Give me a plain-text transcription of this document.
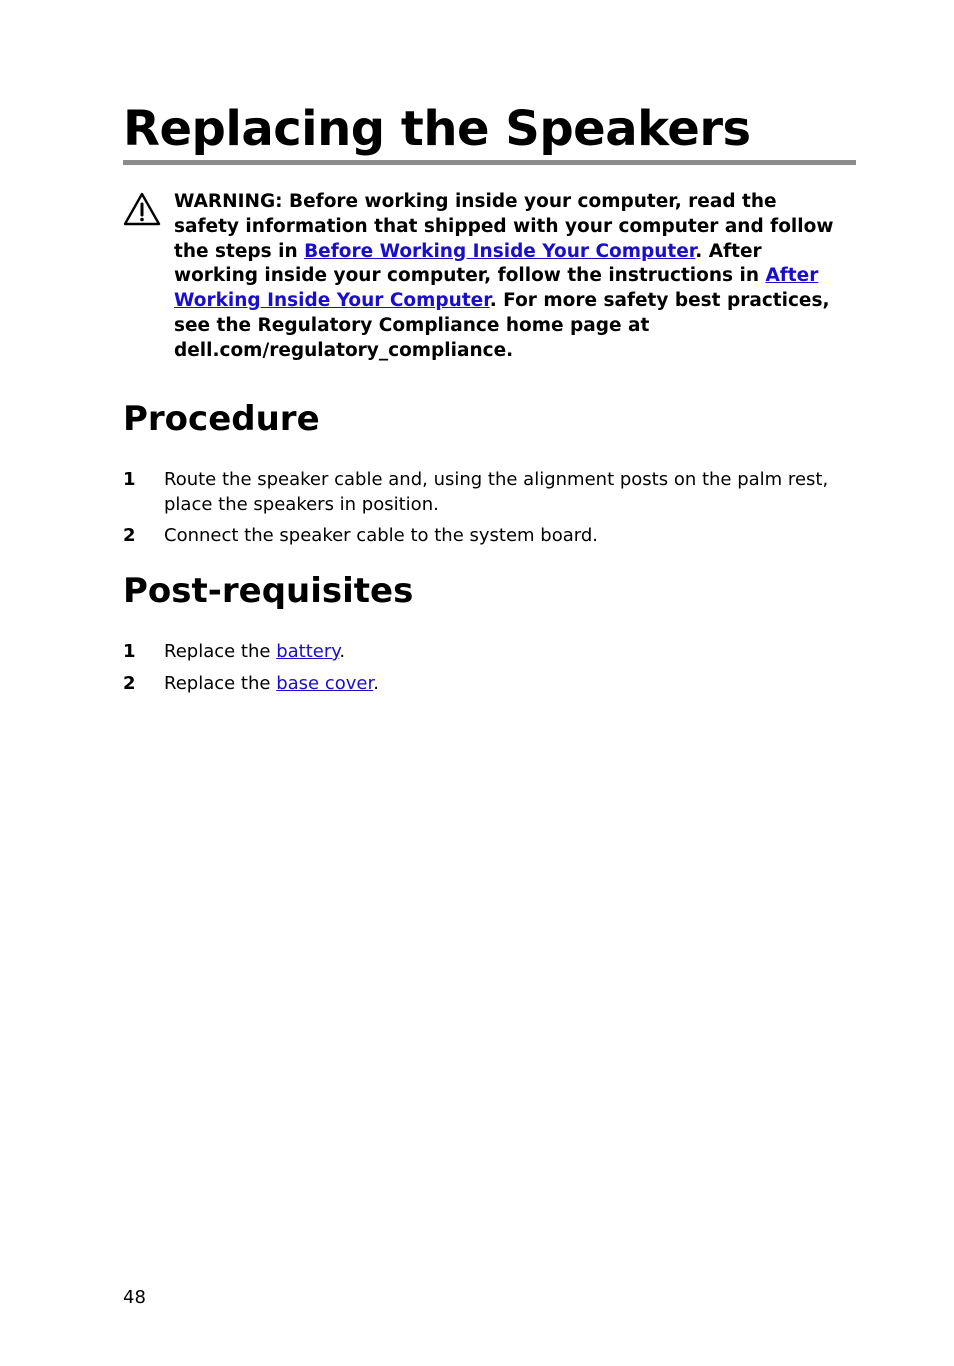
Replacing the Speakers

WARNING: Before working inside your computer, read the safety information that shipped with your computer and follow the steps in Before Working Inside Your Computer. After working inside your computer, follow the instructions in After Working Inside Your Computer. For more safety best practices, see the Regulatory Compliance home page at dell.com/regulatory_compliance.

Procedure
1 Route the speaker cable and, using the alignment posts on the palm rest, place the speakers in position.

2 Connect the speaker cable to the system board.

Post-requisites
1 Replace the battery.

2 Replace the base cover.

48
